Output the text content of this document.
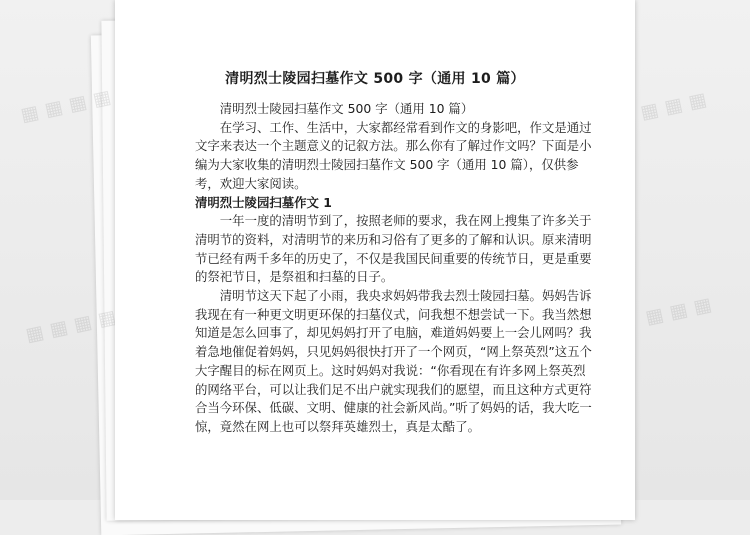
▦ ▦ ▦ ▦	▦ ▦ ▦
▦ ▦ ▦ ▦	▦ ▦ ▦
清明烈士陵园扫墓作文 500 字（通用 10 篇）

清明烈士陵园扫墓作文 500 字（通用 10 篇）

在学习、工作、生活中，大家都经常看到作文的身影吧，作文是通过文字来表达一个主题意义的记叙方法。那么你有了解过作文吗？下面是小编为大家收集的清明烈士陵园扫墓作文 500 字（通用 10 篇），仅供参考，欢迎大家阅读。

清明烈士陵园扫墓作文 1

一年一度的清明节到了，按照老师的要求，我在网上搜集了许多关于清明节的资料，对清明节的来历和习俗有了更多的了解和认识。原来清明节已经有两千多年的历史了，不仅是我国民间重要的传统节日，更是重要的祭祀节日，是祭祖和扫墓的日子。

清明节这天下起了小雨，我央求妈妈带我去烈士陵园扫墓。妈妈告诉我现在有一种更文明更环保的扫墓仪式，问我想不想尝试一下。我当然想知道是怎么回事了，却见妈妈打开了电脑，难道妈妈要上一会儿网吗？我着急地催促着妈妈，只见妈妈很快打开了一个网页，“网上祭英烈”这五个大字醒目的标在网页上。这时妈妈对我说：“你看现在有许多网上祭英烈的网络平台，可以让我们足不出户就实现我们的愿望，而且这种方式更符合当今环保、低碳、文明、健康的社会新风尚。”听了妈妈的话，我大吃一惊，竟然在网上也可以祭拜英雄烈士，真是太酷了。
